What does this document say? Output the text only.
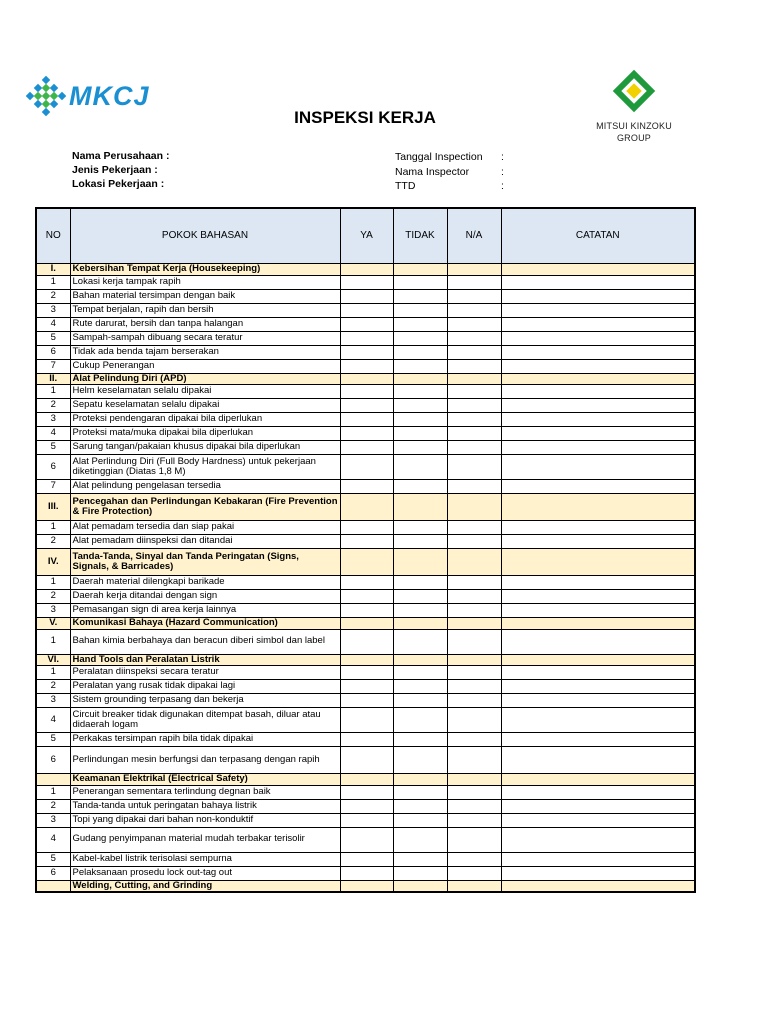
MKCJ
MITSUI KINZOKU
GROUP
INSPEKSI KERJA
Nama Perusahaan :
Jenis Pekerjaan :
Lokasi Pekerjaan :
Tanggal Inspection	:
Nama Inspector	:
TTD	:
NO	POKOK BAHASAN	YA	TIDAK	N/A	CATATAN
I.	Kebersihan Tempat Kerja (Housekeeping)				
1	Lokasi kerja tampak rapih				
2	Bahan material tersimpan dengan baik				
3	Tempat berjalan, rapih dan bersih				
4	Rute darurat, bersih dan tanpa halangan				
5	Sampah-sampah dibuang secara teratur				
6	Tidak ada benda tajam berserakan				
7	Cukup Penerangan				
II.	Alat Pelindung Diri (APD)				
1	Helm keselamatan selalu dipakai				
2	Sepatu keselamatan selalu dipakai				
3	Proteksi pendengaran dipakai bila diperlukan				
4	Proteksi mata/muka dipakai bila diperlukan				
5	Sarung tangan/pakaian khusus dipakai bila diperlukan				
6	Alat Perlindung Diri (Full Body Hardness) untuk pekerjaan diketinggian (Diatas 1,8 M)				
7	Alat pelindung pengelasan tersedia				
III.	Pencegahan dan Perlindungan Kebakaran (Fire Prevention & Fire Protection)				
1	Alat pemadam tersedia dan siap pakai				
2	Alat pemadam diinspeksi dan ditandai				
IV.	Tanda-Tanda, Sinyal dan Tanda Peringatan (Signs, Signals, & Barricades)				
1	Daerah material dilengkapi barikade				
2	Daerah kerja ditandai dengan sign				
3	Pemasangan sign di area kerja lainnya				
V.	Komunikasi Bahaya (Hazard Communication)				
1	Bahan kimia berbahaya dan beracun diberi simbol dan label				
VI.	Hand Tools dan Peralatan Listrik				
1	Peralatan diinspeksi secara teratur				
2	Peralatan yang rusak tidak dipakai lagi				
3	Sistem grounding terpasang dan bekerja				
4	Circuit breaker tidak digunakan ditempat basah, diluar atau didaerah logam				
5	Perkakas tersimpan rapih bila tidak dipakai				
6	Perlindungan mesin berfungsi dan terpasang dengan rapih				
	Keamanan Elektrikal (Electrical Safety)				
1	Penerangan sementara terlindung degnan baik				
2	Tanda-tanda untuk peringatan bahaya listrik				
3	Topi yang dipakai dari bahan non-konduktif				
4	Gudang penyimpanan material mudah terbakar terisolir				
5	Kabel-kabel listrik terisolasi sempurna				
6	Pelaksanaan prosedu lock out-tag out				
	Welding, Cutting, and Grinding				
